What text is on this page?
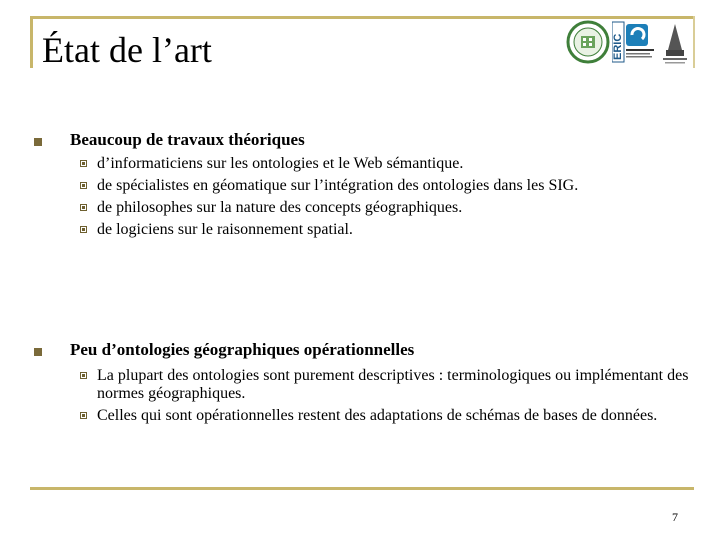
État de l’art	ERIC
Beaucoup de travaux théoriques
d’informaticiens sur les ontologies et le Web sémantique.
de spécialistes en géomatique sur l’intégration des ontologies dans les SIG.
de philosophes sur la nature des concepts géographiques.
de logiciens sur le raisonnement spatial.
Peu d’ontologies géographiques opérationnelles
La plupart des ontologies sont purement descriptives : terminologiques ou implémentant des normes géographiques.
Celles qui sont opérationnelles restent des adaptations de schémas de bases de données.
7
